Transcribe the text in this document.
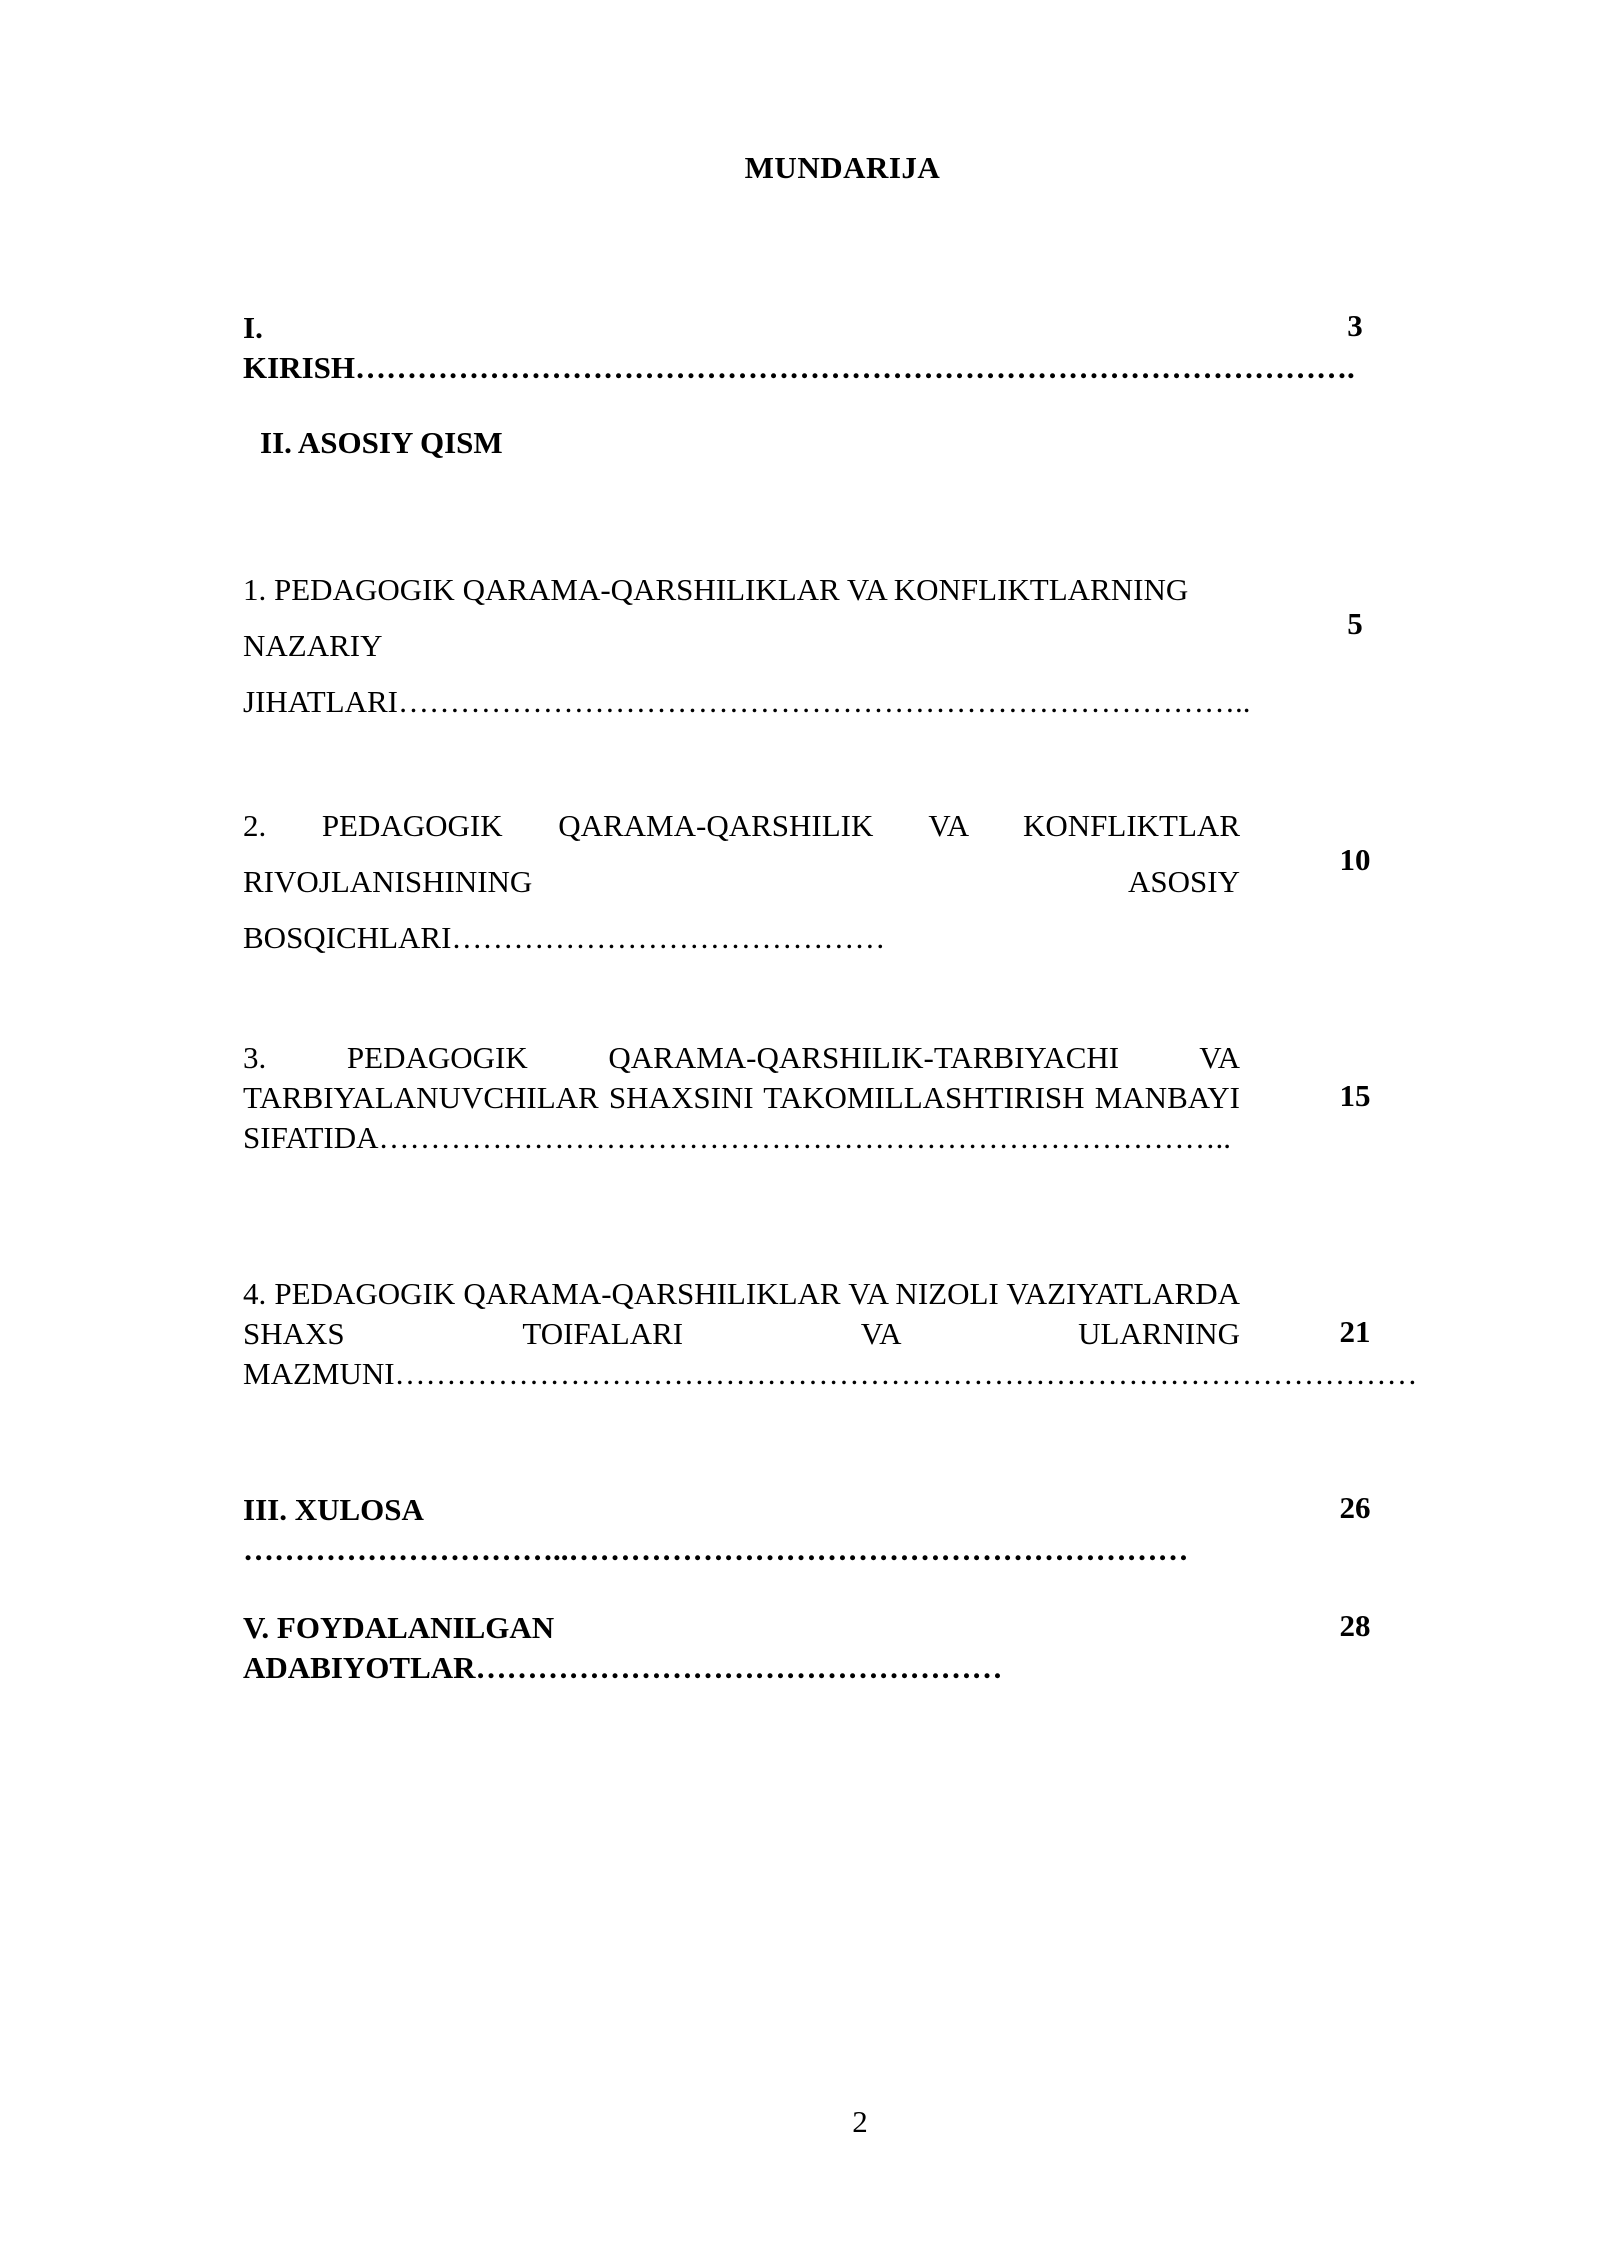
MUNDARIJA
I. KIRISH…………………………………………………………………………………….
3
II. ASOSIY QISM
1. PEDAGOGIK QARAMA-QARSHILIKLAR VA KONFLIKTLARNING NAZARIY JIHATLARI………………………………………………………………………..
5
2. PEDAGOGIK QARAMA-QARSHILIK VA KONFLIKTLAR RIVOJLANISHINING ASOSIY BOSQICHLARI……………………………………
10
3. PEDAGOGIK QARAMA-QARSHILIK-TARBIYACHI VA TARBIYALANUVCHILAR SHAXSINI TAKOMILLASHTIRISH MANBAYI SIFATIDA………………………………………………………………………..
15
4. PEDAGOGIK QARAMA-QARSHILIKLAR VA NIZOLI VAZIYATLARDA SHAXS TOIFALARI VA ULARNING MAZMUNI………………………………………………………………………………………
21
III. XULOSA …………………………..……………………………………………………
26
V. FOYDALANILGAN ADABIYOTLAR……………………………………………
28
2
